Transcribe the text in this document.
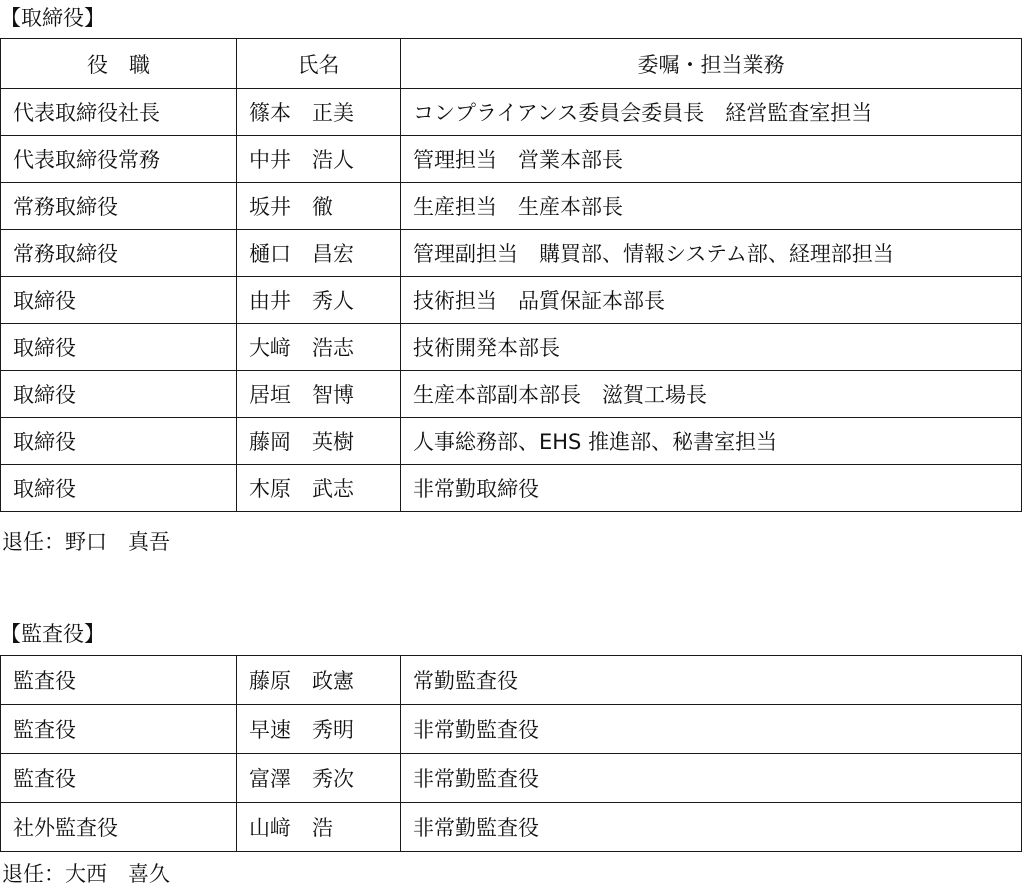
【取締役】
役　職	氏名	委嘱・担当業務
代表取締役社長	篠本　正美	コンプライアンス委員会委員長　経営監査室担当
代表取締役常務	中井　浩人	管理担当　営業本部長
常務取締役	坂井　徹	生産担当　生産本部長
常務取締役	樋口　昌宏	管理副担当　購買部、情報システム部、経理部担当
取締役	由井　秀人	技術担当　品質保証本部長
取締役	大﨑　浩志	技術開発本部長
取締役	居垣　智博	生産本部副本部長　滋賀工場長
取締役	藤岡　英樹	人事総務部、EHS 推進部、秘書室担当
取締役	木原　武志	非常勤取締役

退任：野口　真吾

【監査役】
監査役	藤原　政憲	常勤監査役
監査役	早速　秀明	非常勤監査役
監査役	富澤　秀次	非常勤監査役
社外監査役	山﨑　浩	非常勤監査役

退任：大西　喜久
